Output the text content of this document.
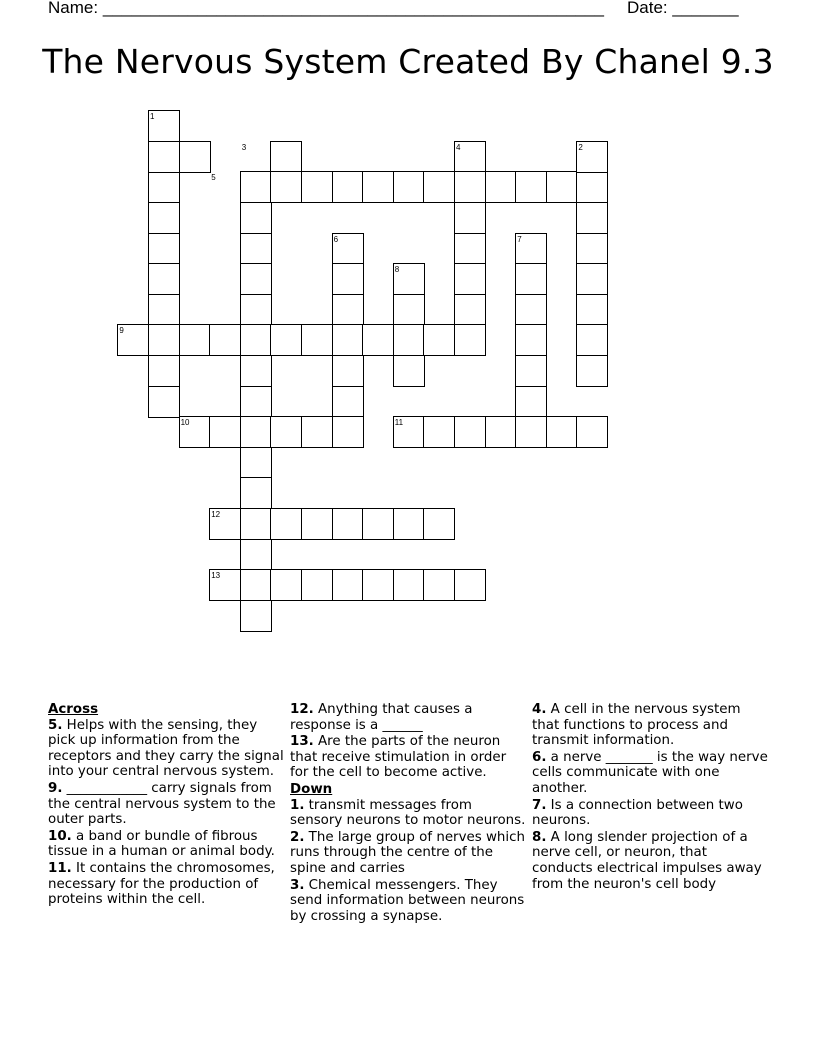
Name: _____________________________________________________ Date: _______
The Nervous System Created By Chanel 9.3
1
2
3	4
5
6	7
8
9
10	11
12
13
Across
5. Helps with the sensing, they pick up information from the receptors and they carry the signal into your central nervous system.
9. ____________ carry signals from the central nervous system to the outer parts.
10. a band or bundle of fibrous tissue in a human or animal body.
11. It contains the chromosomes, necessary for the production of proteins within the cell.
12. Anything that causes a response is a ______
13. Are the parts of the neuron that receive stimulation in order for the cell to become active.
Down
1. transmit messages from sensory neurons to motor neurons.
2. The large group of nerves which runs through the centre of the spine and carries
3. Chemical messengers. They send information between neurons by crossing a synapse.
4. A cell in the nervous system that functions to process and transmit information.
6. a nerve _______ is the way nerve cells communicate with one another.
7. Is a connection between two neurons.
8. A long slender projection of a nerve cell, or neuron, that conducts electrical impulses away from the neuron's cell body
